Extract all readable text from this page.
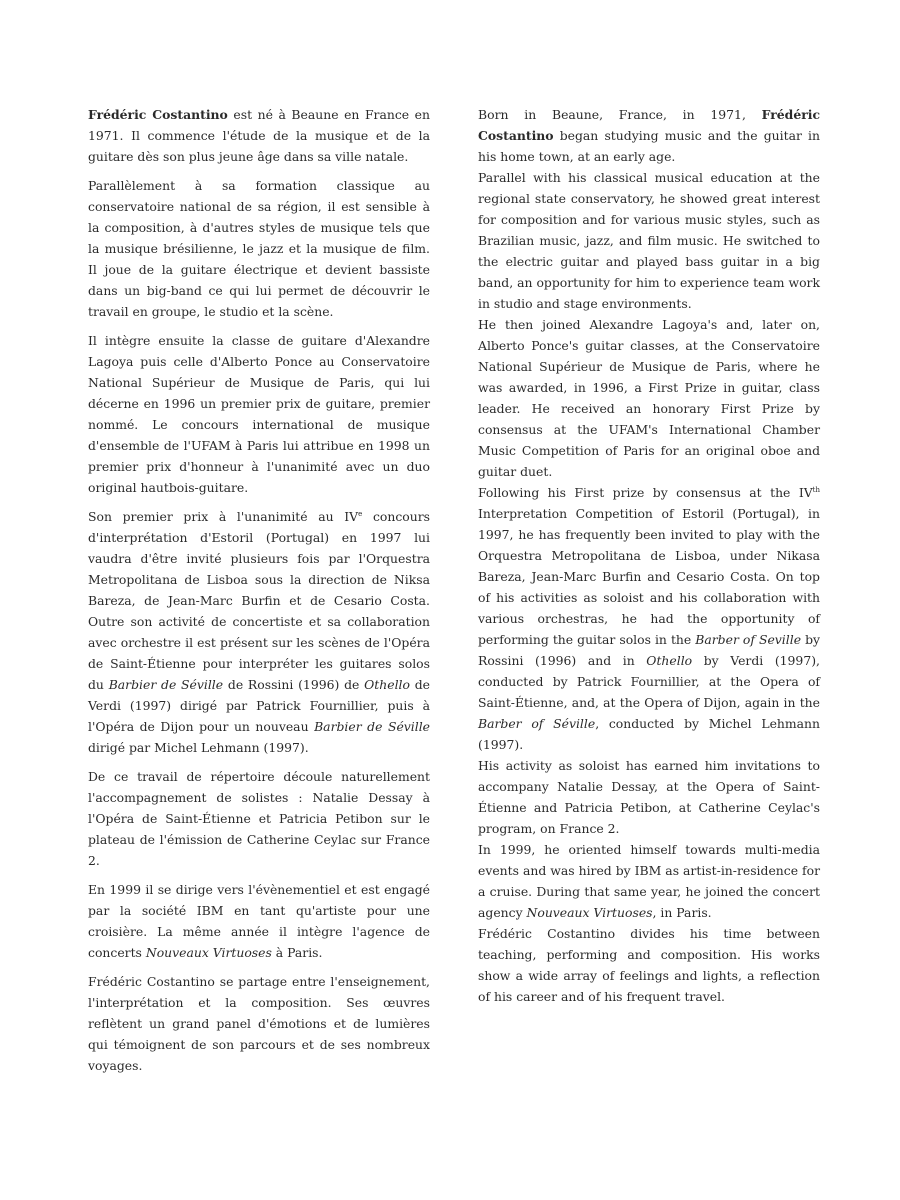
Frédéric Costantino est né à Beaune en France en 1971. Il commence l'étude de la musique et de la guitare dès son plus jeune âge dans sa ville natale.

Parallèlement à sa formation classique au conservatoire national de sa région, il est sensible à la composition, à d'autres styles de musique tels que la musique brésilienne, le jazz et la musique de film. Il joue de la guitare électrique et devient bassiste dans un big-band ce qui lui permet de découvrir le travail en groupe, le studio et la scène.

Il intègre ensuite la classe de guitare d'Alexandre Lagoya puis celle d'Alberto Ponce au Conservatoire National Supérieur de Musique de Paris, qui lui décerne en 1996 un premier prix de guitare, premier nommé. Le concours international de musique d'ensemble de l'UFAM à Paris lui attribue en 1998 un premier prix d'honneur à l'unanimité avec un duo original hautbois-guitare.

Son premier prix à l'unanimité au IVe concours d'interprétation d'Estoril (Portugal) en 1997 lui vaudra d'être invité plusieurs fois par l'Orquestra Metropolitana de Lisboa sous la direction de Niksa Bareza, de Jean-Marc Burfin et de Cesario Costa. Outre son activité de concertiste et sa collaboration avec orchestre il est présent sur les scènes de l'Opéra de Saint-Étienne pour interpréter les guitares solos du Barbier de Séville de Rossini (1996) de Othello de Verdi (1997) dirigé par Patrick Fournillier, puis à l'Opéra de Dijon pour un nouveau Barbier de Séville dirigé par Michel Lehmann (1997).

De ce travail de répertoire découle naturellement l'accompagnement de solistes : Natalie Dessay à l'Opéra de Saint-Étienne et Patricia Petibon sur le plateau de l'émission de Catherine Ceylac sur France 2.

En 1999 il se dirige vers l'évènementiel et est engagé par la société IBM en tant qu'artiste pour une croisière. La même année il intègre l'agence de concerts Nouveaux Virtuoses à Paris.

Frédéric Costantino se partage entre l'enseignement, l'interprétation et la composition. Ses œuvres reflètent un grand panel d'émotions et de lumières qui témoignent de son parcours et de ses nombreux voyages.

Born in Beaune, France, in 1971, Frédéric Costantino began studying music and the guitar in his home town, at an early age.

Parallel with his classical musical education at the regional state conservatory, he showed great interest for composition and for various music styles, such as Brazilian music, jazz, and film music. He switched to the electric guitar and played bass guitar in a big band, an opportunity for him to experience team work in studio and stage environments.

He then joined Alexandre Lagoya's and, later on, Alberto Ponce's guitar classes, at the Conservatoire National Supérieur de Musique de Paris, where he was awarded, in 1996, a First Prize in guitar, class leader. He received an honorary First Prize by consensus at the UFAM's International Chamber Music Competition of Paris for an original oboe and guitar duet.

Following his First prize by consensus at the IVth Interpretation Competition of Estoril (Portugal), in 1997, he has frequently been invited to play with the Orquestra Metropolitana de Lisboa, under Nikasa Bareza, Jean-Marc Burfin and Cesario Costa. On top of his activities as soloist and his collaboration with various orchestras, he had the opportunity of performing the guitar solos in the Barber of Seville by Rossini (1996) and in Othello by Verdi (1997), conducted by Patrick Fournillier, at the Opera of Saint-Étienne, and, at the Opera of Dijon, again in the Barber of Séville, conducted by Michel Lehmann (1997).

His activity as soloist has earned him invitations to accompany Natalie Dessay, at the Opera of Saint-Étienne and Patricia Petibon, at Catherine Ceylac's program, on France 2.

In 1999, he oriented himself towards multi-media events and was hired by IBM as artist-in-residence for a cruise. During that same year, he joined the concert agency Nouveaux Virtuoses, in Paris.

Frédéric Costantino divides his time between teaching, performing and composition. His works show a wide array of feelings and lights, a reflection of his career and of his frequent travel.
